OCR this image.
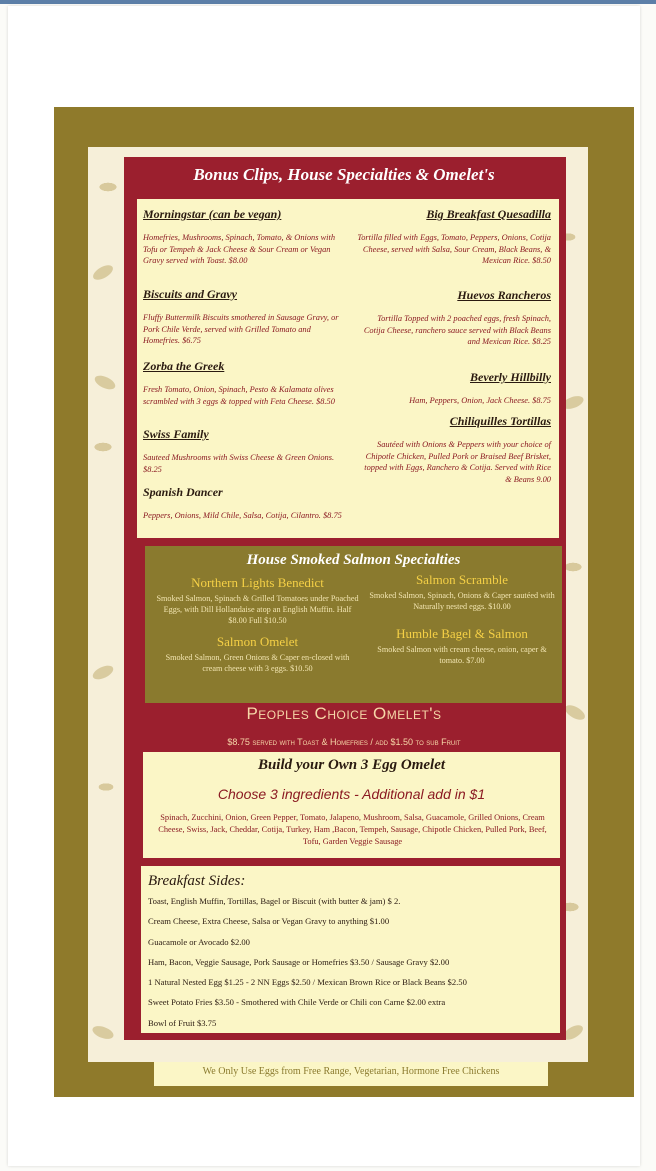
Bonus Clips, House Specialties & Omelet's

Morningstar (can be vegan)

Homefries, Mushrooms, Spinach, Tomato, & Onions with Tofu or Tempeh & Jack Cheese & Sour Cream or Vegan Gravy served with Toast. $8.00

Biscuits and Gravy

Fluffy Buttermilk Biscuits smothered in Sausage Gravy, or Pork Chile Verde, served with Grilled Tomato and Homefries. $6.75

Zorba the Greek

Fresh Tomato, Onion, Spinach, Pesto & Kalamata olives scrambled with 3 eggs & topped with Feta Cheese. $8.50

Swiss Family

Sauteed Mushrooms with Swiss Cheese & Green Onions. $8.25

Spanish Dancer

Peppers, Onions, Mild Chile, Salsa, Cotija, Cilantro. $8.75

Big Breakfast Quesadilla

Tortilla filled with Eggs, Tomato, Peppers, Onions, Cotija Cheese, served with Salsa, Sour Cream, Black Beans, & Mexican Rice. $8.50

Huevos Rancheros

Tortilla Topped with 2 poached eggs, fresh Spinach, Cotija Cheese, ranchero sauce served with Black Beans and Mexican Rice. $8.25

Beverly Hillbilly

Ham, Peppers, Onion, Jack Cheese. $8.75

Chiliquilles Tortillas

Sautéed with Onions & Peppers with your choice of Chipotle Chicken, Pulled Pork or Braised Beef Brisket, topped with Eggs, Ranchero & Cotija. Served with Rice & Beans 9.00

House Smoked Salmon Specialties

Northern Lights Benedict

Smoked Salmon, Spinach & Grilled Tomatoes under Poached Eggs, with Dill Hollandaise atop an English Muffin. Half $8.00 Full $10.50

Salmon Omelet

Smoked Salmon, Green Onions & Caper en-closed with cream cheese with 3 eggs. $10.50

Salmon Scramble

Smoked Salmon, Spinach, Onions & Caper sautéed with Naturally nested eggs. $10.00

Humble Bagel & Salmon

Smoked Salmon with cream cheese, onion, caper & tomato. $7.00

Peoples Choice Omelet's
$8.75 served with Toast & Homefries / add $1.50 to sub Fruit
Build your Own 3 Egg Omelet
Choose 3 ingredients - Additional add in $1
Spinach, Zucchini, Onion, Green Pepper, Tomato, Jalapeno, Mushroom, Salsa, Guacamole, Grilled Onions, Cream Cheese, Swiss, Jack, Cheddar, Cotija, Turkey, Ham ,Bacon, Tempeh, Sausage, Chipotle Chicken, Pulled Pork, Beef, Tofu, Garden Veggie Sausage
Breakfast Sides:
Toast, English Muffin, Tortillas, Bagel or Biscuit (with butter & jam) $ 2.
Cream Cheese, Extra Cheese, Salsa or Vegan Gravy to anything $1.00
Guacamole or Avocado $2.00
Ham, Bacon, Veggie Sausage, Pork Sausage or Homefries $3.50 / Sausage Gravy $2.00
1 Natural Nested Egg $1.25 - 2 NN Eggs $2.50 / Mexican Brown Rice or Black Beans $2.50
Sweet Potato Fries $3.50 - Smothered with Chile Verde or Chili con Carne $2.00 extra
Bowl of Fruit $3.75
We Only Use Eggs from Free Range, Vegetarian, Hormone Free Chickens
